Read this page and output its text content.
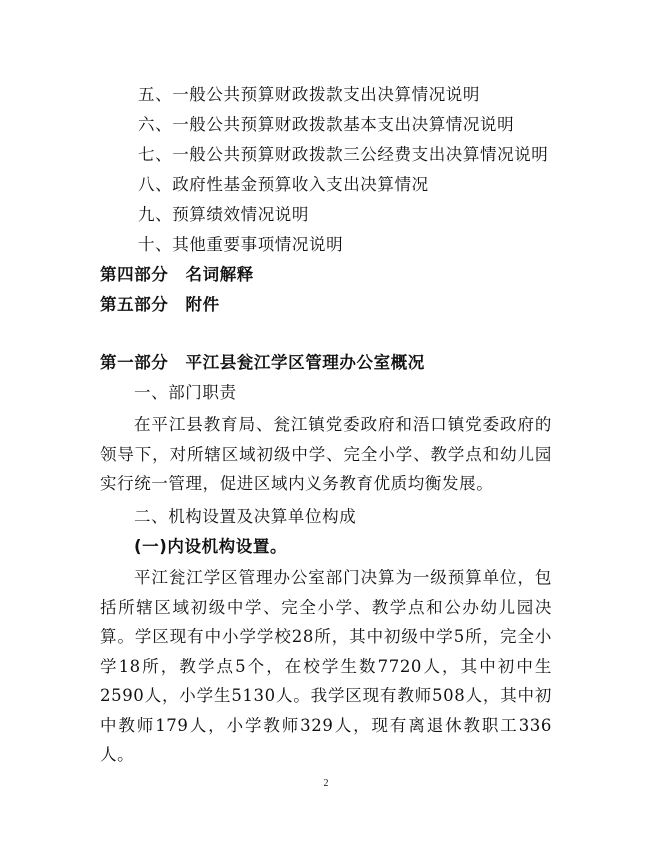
五、一般公共预算财政拨款支出决算情况说明
六、一般公共预算财政拨款基本支出决算情况说明
七、一般公共预算财政拨款三公经费支出决算情况说明
八、政府性基金预算收入支出决算情况
九、预算绩效情况说明
十、其他重要事项情况说明
第四部分　名词解释
第五部分　附件
第一部分　平江县瓮江学区管理办公室概况
一、部门职责
在平江县教育局、瓮江镇党委政府和浯口镇党委政府的领导下，对所辖区域初级中学、完全小学、教学点和幼儿园实行统一管理，促进区域内义务教育优质均衡发展。
二、机构设置及决算单位构成
(一)内设机构设置。
平江瓮江学区管理办公室部门决算为一级预算单位，包括所辖区域初级中学、完全小学、教学点和公办幼儿园决算。学区现有中小学学校28所，其中初级中学5所，完全小学18所，教学点5个，在校学生数7720人，其中初中生2590人，小学生5130人。我学区现有教师508人，其中初中教师179人，小学教师329人，现有离退休教职工336人。
2
